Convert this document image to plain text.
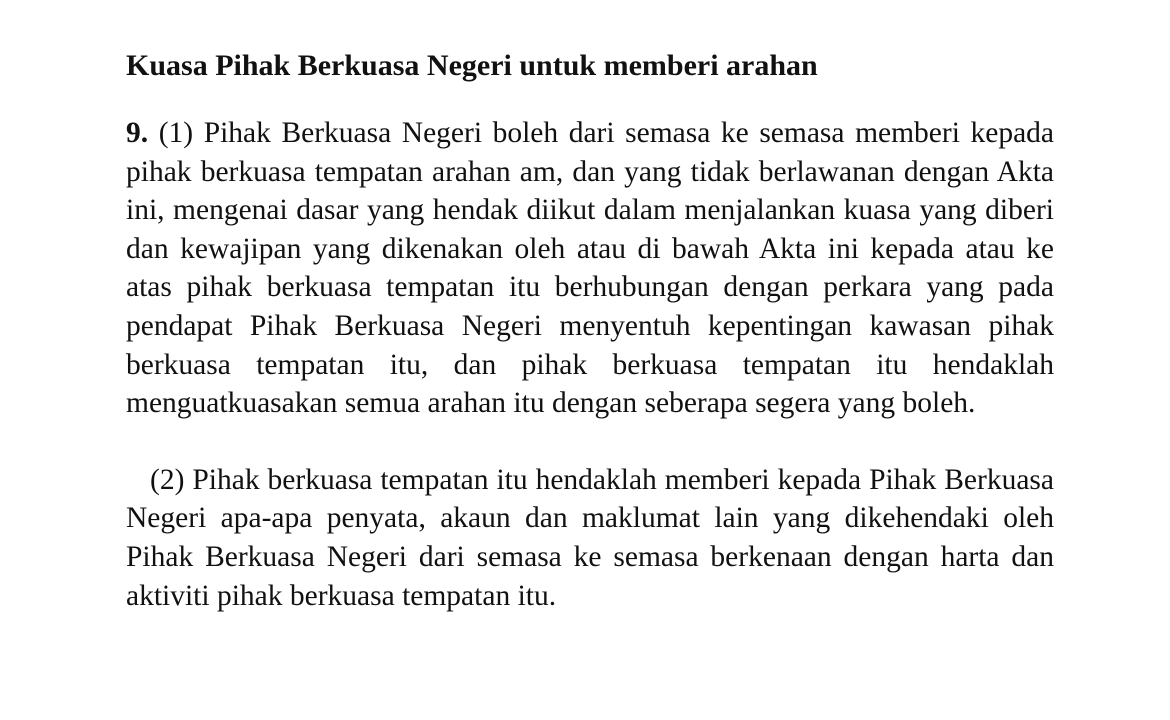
Kuasa Pihak Berkuasa Negeri untuk memberi arahan

9. (1) Pihak Berkuasa Negeri boleh dari semasa ke semasa memberi kepada pihak berkuasa tempatan arahan am, dan yang tidak berlawanan dengan Akta ini, mengenai dasar yang hendak diikut dalam menjalankan kuasa yang diberi dan kewajipan yang dikenakan oleh atau di bawah Akta ini kepada atau ke atas pihak berkuasa tempatan itu berhubungan dengan perkara yang pada pendapat Pihak Berkuasa Negeri menyentuh kepentingan kawasan pihak berkuasa tempatan itu, dan pihak berkuasa tempatan itu hendaklah menguatkuasakan semua arahan itu dengan seberapa segera yang boleh.

(2) Pihak berkuasa tempatan itu hendaklah memberi kepada Pihak Berkuasa Negeri apa-apa penyata, akaun dan maklumat lain yang dikehendaki oleh Pihak Berkuasa Negeri dari semasa ke semasa berkenaan dengan harta dan aktiviti pihak berkuasa tempatan itu.
